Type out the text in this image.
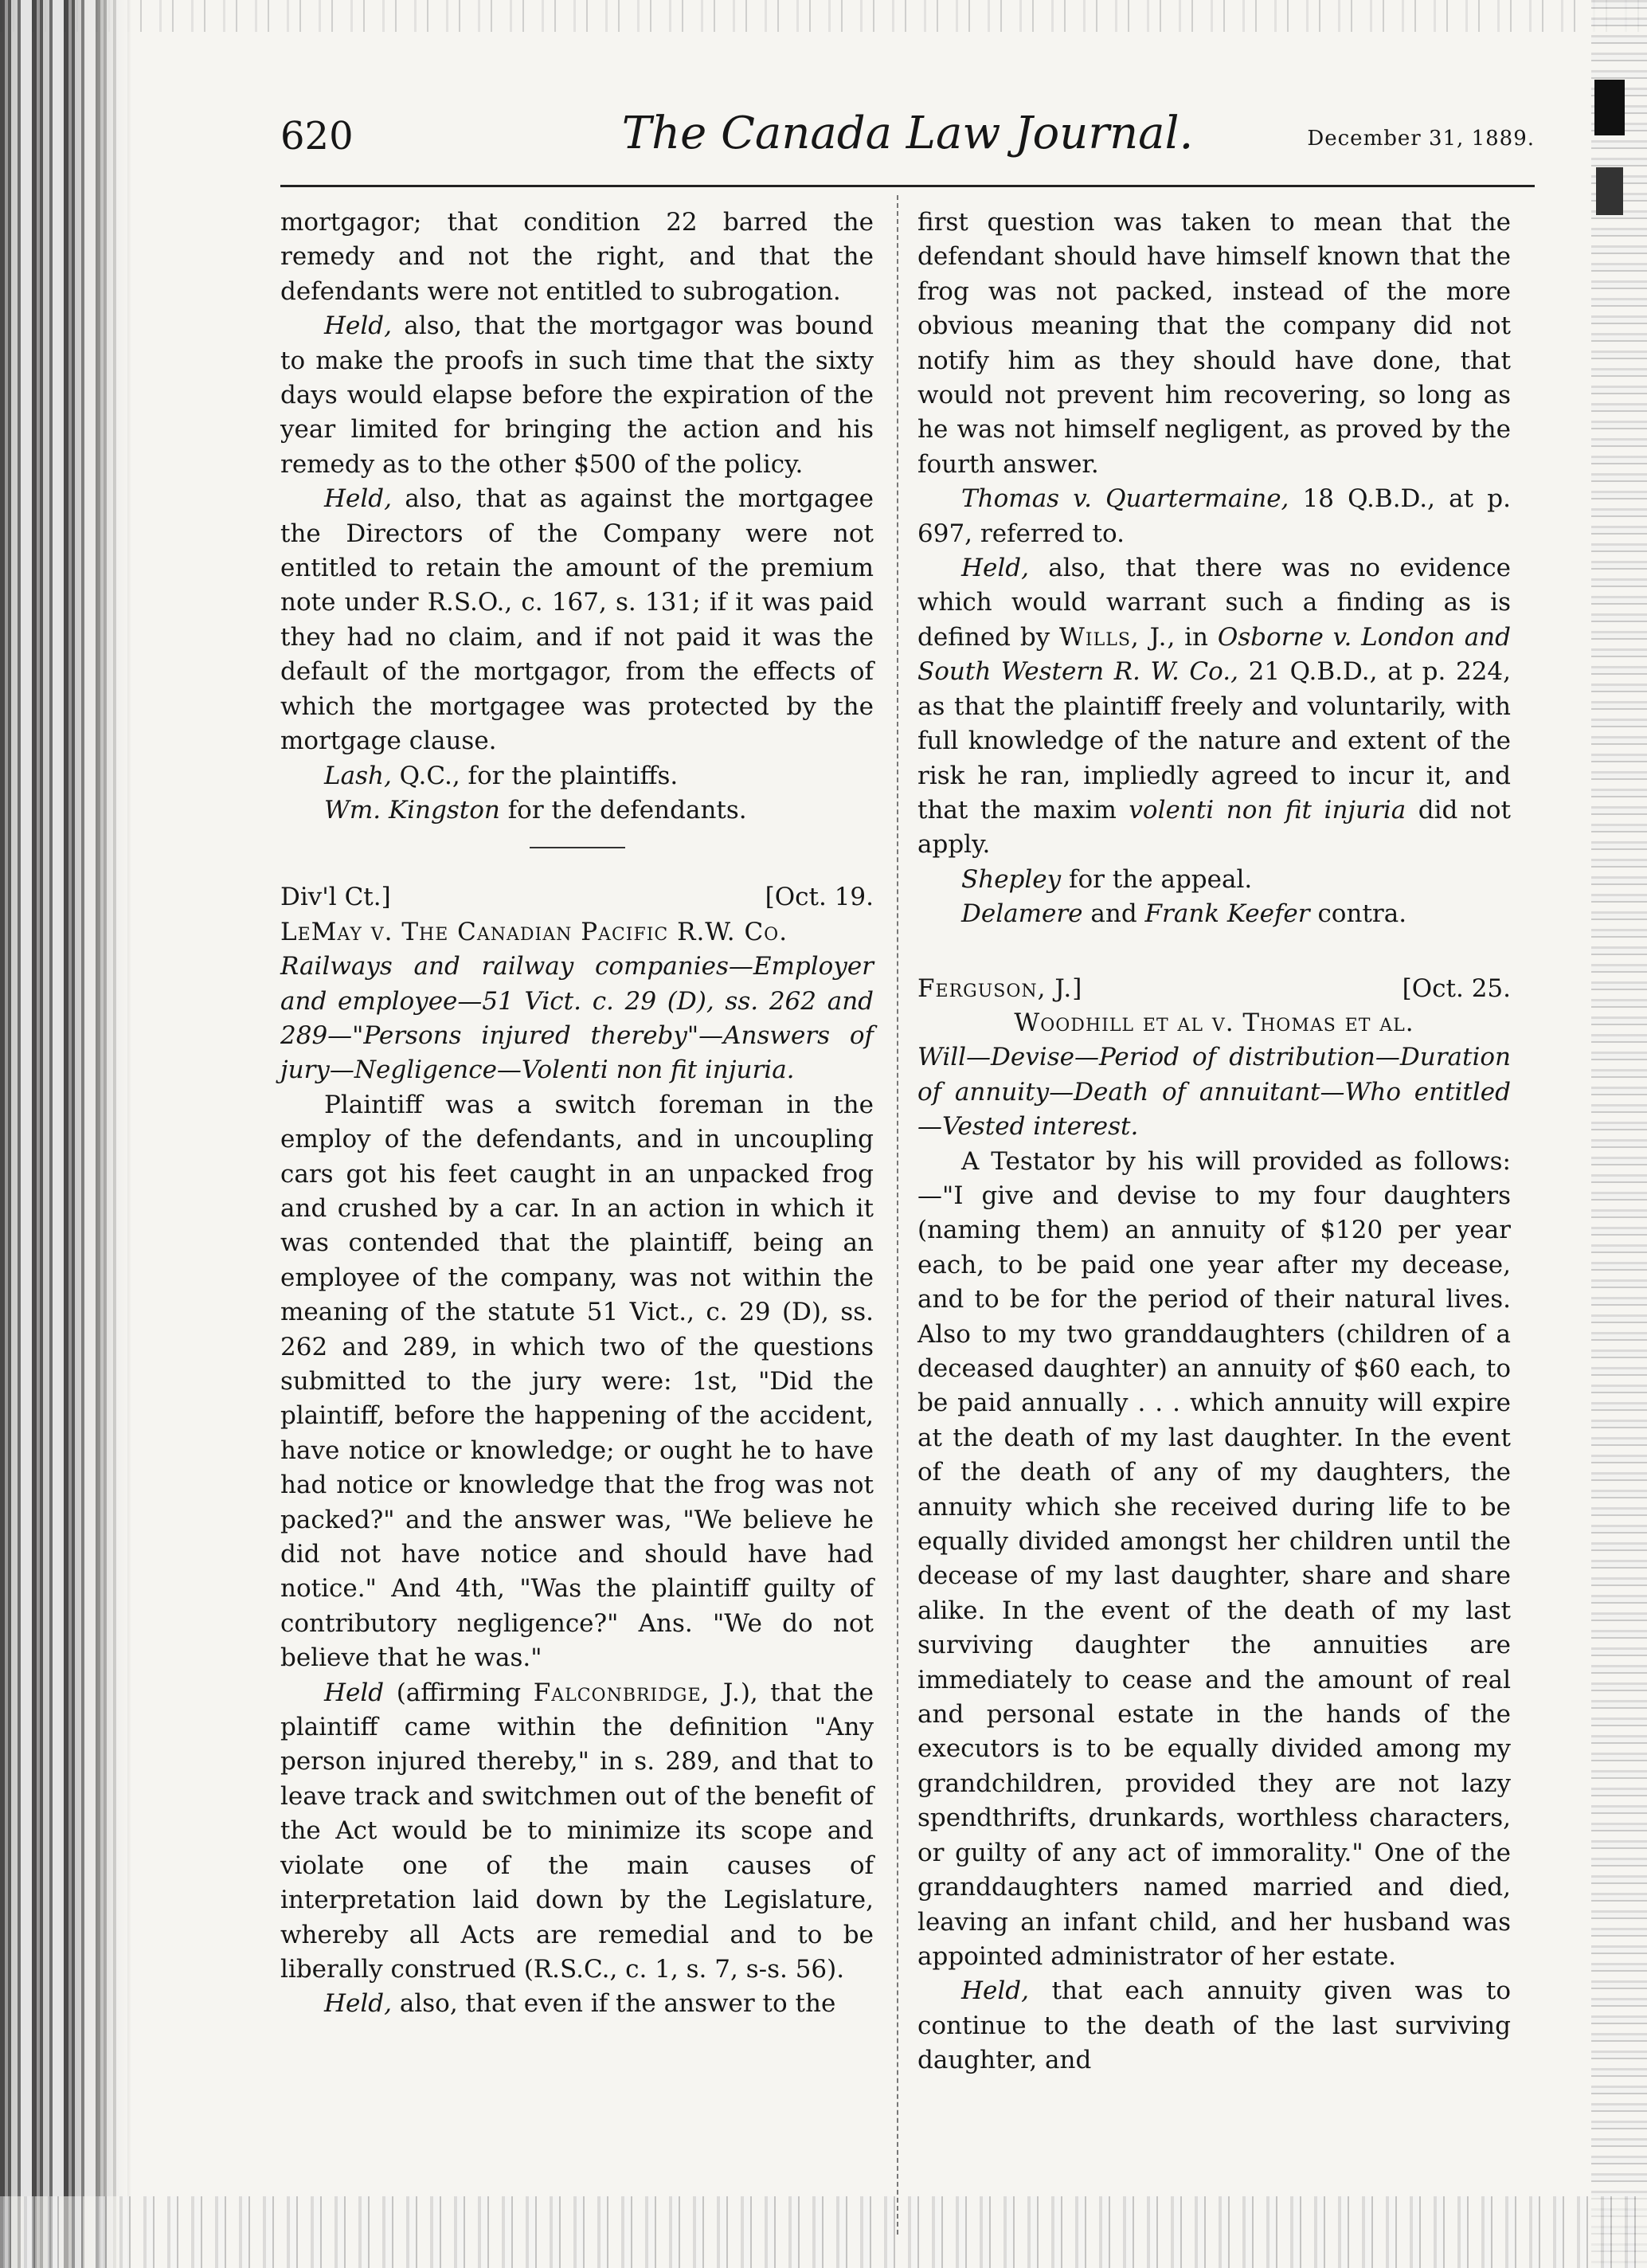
620	The Canada Law Journal.	December 31, 1889.

mortgagor; that condition 22 barred the remedy and not the right, and that the defendants were not entitled to subrogation.

Held, also, that the mortgagor was bound to make the proofs in such time that the sixty days would elapse before the expiration of the year limited for bringing the action and his remedy as to the other $500 of the policy.

Held, also, that as against the mortgagee the Directors of the Company were not entitled to retain the amount of the premium note under R.S.O., c. 167, s. 131; if it was paid they had no claim, and if not paid it was the default of the mortgagor, from the effects of which the mortgagee was protected by the mortgage clause.

Lash, Q.C., for the plaintiffs.

Wm. Kingston for the defendants.

Div'l Ct.]	[Oct. 19.
LeMay v. The Canadian Pacific R.W. Co.

Railways and railway companies—Employer and employee—51 Vict. c. 29 (D), ss. 262 and 289—"Persons injured thereby"—Answers of jury—Negligence—Volenti non fit injuria.

Plaintiff was a switch foreman in the employ of the defendants, and in uncoupling cars got his feet caught in an unpacked frog and crushed by a car. In an action in which it was contended that the plaintiff, being an employee of the company, was not within the meaning of the statute 51 Vict., c. 29 (D), ss. 262 and 289, in which two of the questions submitted to the jury were: 1st, "Did the plaintiff, before the happening of the accident, have notice or knowledge; or ought he to have had notice or knowledge that the frog was not packed?" and the answer was, "We believe he did not have notice and should have had notice." And 4th, "Was the plaintiff guilty of contributory negligence?" Ans. "We do not believe that he was."

Held (affirming Falconbridge, J.), that the plaintiff came within the definition "Any person injured thereby," in s. 289, and that to leave track and switchmen out of the benefit of the Act would be to minimize its scope and violate one of the main causes of interpretation laid down by the Legislature, whereby all Acts are remedial and to be liberally construed (R.S.C., c. 1, s. 7, s-s. 56).

Held, also, that even if the answer to the

first question was taken to mean that the defendant should have himself known that the frog was not packed, instead of the more obvious meaning that the company did not notify him as they should have done, that would not prevent him recovering, so long as he was not himself negligent, as proved by the fourth answer.

Thomas v. Quartermaine, 18 Q.B.D., at p. 697, referred to.

Held, also, that there was no evidence which would warrant such a finding as is defined by Wills, J., in Osborne v. London and South Western R. W. Co., 21 Q.B.D., at p. 224, as that the plaintiff freely and voluntarily, with full knowledge of the nature and extent of the risk he ran, impliedly agreed to incur it, and that the maxim volenti non fit injuria did not apply.

Shepley for the appeal.

Delamere and Frank Keefer contra.

Ferguson, J.]	[Oct. 25.
Woodhill et al v. Thomas et al.

Will—Devise—Period of distribution—Duration of annuity—Death of annuitant—Who entitled—Vested interest.

A Testator by his will provided as follows:—"I give and devise to my four daughters (naming them) an annuity of $120 per year each, to be paid one year after my decease, and to be for the period of their natural lives. Also to my two granddaughters (children of a deceased daughter) an annuity of $60 each, to be paid annually . . . which annuity will expire at the death of my last daughter. In the event of the death of any of my daughters, the annuity which she received during life to be equally divided amongst her children until the decease of my last daughter, share and share alike. In the event of the death of my last surviving daughter the annuities are immediately to cease and the amount of real and personal estate in the hands of the executors is to be equally divided among my grandchildren, provided they are not lazy spendthrifts, drunkards, worthless characters, or guilty of any act of immorality." One of the granddaughters named married and died, leaving an infant child, and her husband was appointed administrator of her estate.

Held, that each annuity given was to continue to the death of the last surviving daughter, and
